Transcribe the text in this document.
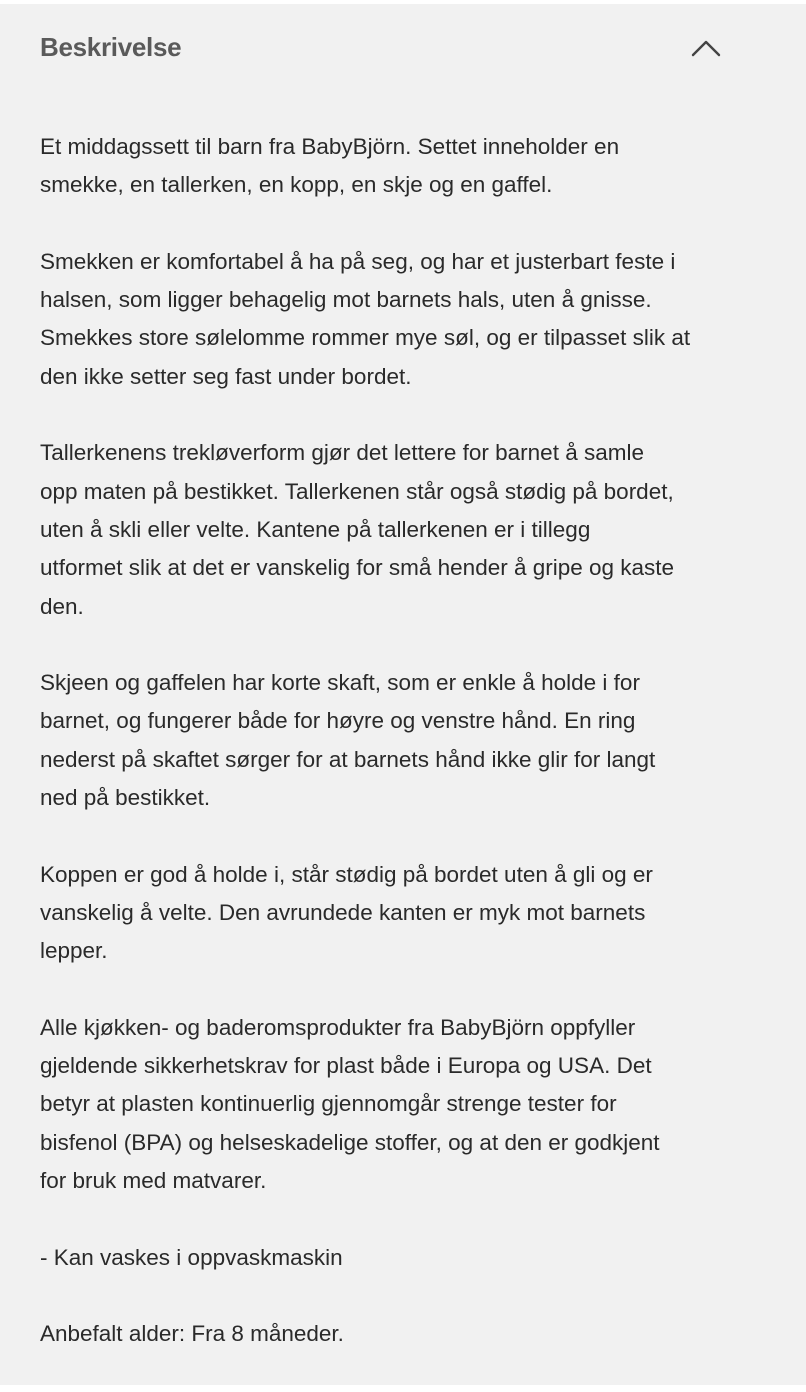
Beskrivelse

Et middagssett til barn fra BabyBjörn. Settet inneholder en
smekke, en tallerken, en kopp, en skje og en gaffel.

Smekken er komfortabel å ha på seg, og har et justerbart feste i
halsen, som ligger behagelig mot barnets hals, uten å gnisse.
Smekkes store sølelomme rommer mye søl, og er tilpasset slik at
den ikke setter seg fast under bordet.

Tallerkenens trekløverform gjør det lettere for barnet å samle
opp maten på bestikket. Tallerkenen står også stødig på bordet,
uten å skli eller velte. Kantene på tallerkenen er i tillegg
utformet slik at det er vanskelig for små hender å gripe og kaste
den.

Skjeen og gaffelen har korte skaft, som er enkle å holde i for
barnet, og fungerer både for høyre og venstre hånd. En ring
nederst på skaftet sørger for at barnets hånd ikke glir for langt
ned på bestikket.

Koppen er god å holde i, står stødig på bordet uten å gli og er
vanskelig å velte. Den avrundede kanten er myk mot barnets
lepper.

Alle kjøkken- og baderomsprodukter fra BabyBjörn oppfyller
gjeldende sikkerhetskrav for plast både i Europa og USA. Det
betyr at plasten kontinuerlig gjennomgår strenge tester for
bisfenol (BPA) og helseskadelige stoffer, og at den er godkjent
for bruk med matvarer.

- Kan vaskes i oppvaskmaskin

Anbefalt alder: Fra 8 måneder.
